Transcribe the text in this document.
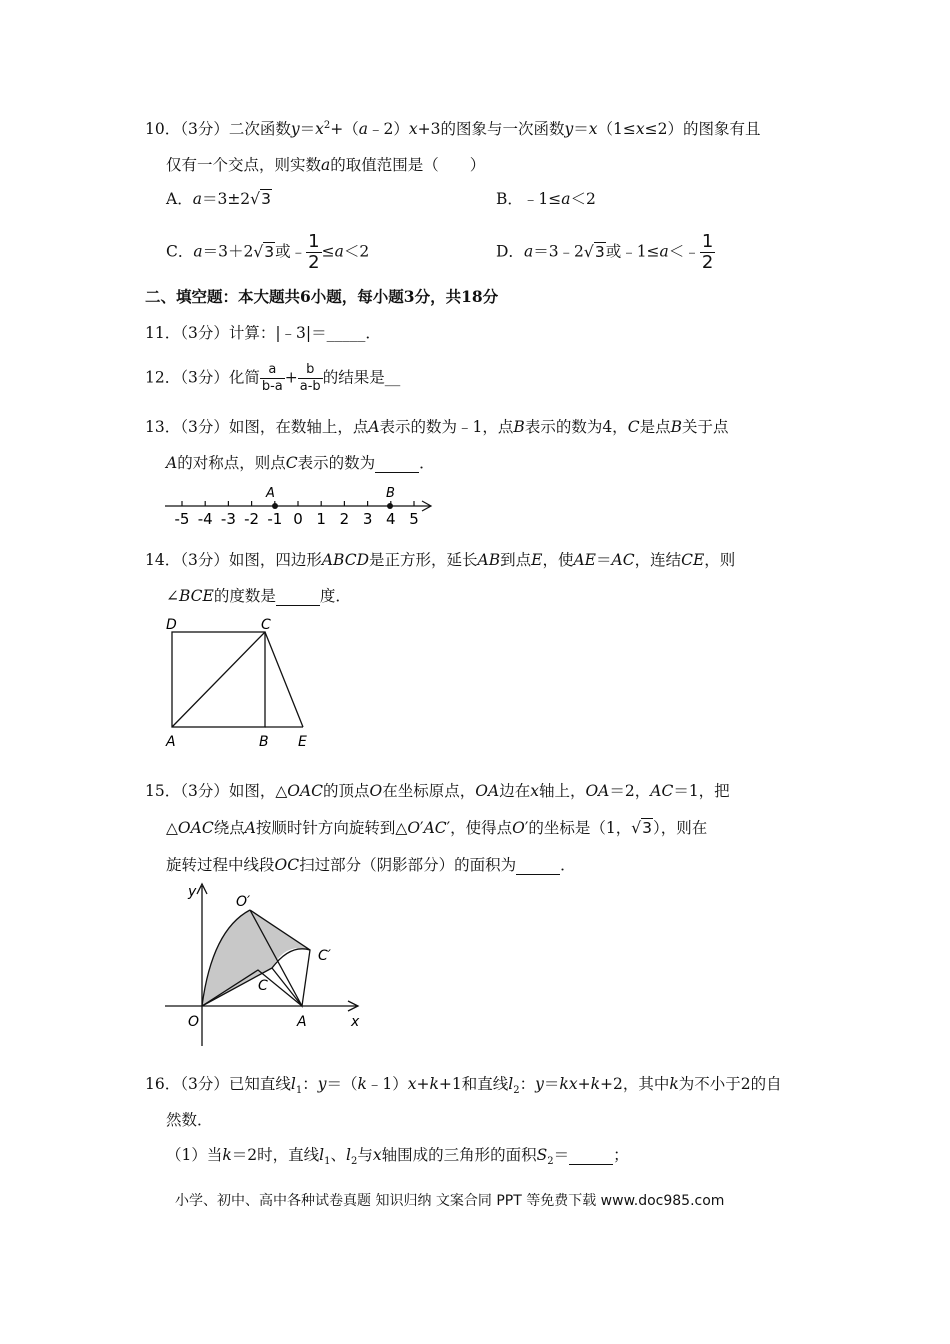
10．（3分）二次函数$y=x^2+(a﹣2)x+3$的图象与一次函数y＝x（1≤x≤2）的图象有且
仅有一个交点，则实数a的取值范围是（　　）
A．a＝3±2√3	B．﹣1≤a＜2
C．a＝3＋2√3或﹣ $\frac{1}{2} \le a<2$	D．a＝3﹣2√3或﹣1≤a＜﹣ $\frac{1}{2}$
二、填空题：本大题共6小题，每小题3分，共18分
11．（3分）计算：|﹣3|＝_____．
12．（3分）化简 $\frac{a}{b-a} + \frac{b}{a-b}$ 的结果是__
13．（3分）如图，在数轴上，点A表示的数为﹣1，点B表示的数为4，C是点B关于点
A的对称点，则点C表示的数为	．
-5 -4 -3 -2 -1 0 1 2 3 4 5
A	B
14．（3分）如图，四边形ABCD是正方形，延长AB到点E，使AE＝AC，连结CE，则
∠BCE的度数是	度．
D	C
A	B E
15．（3分）如图，△OAC的顶点O在坐标原点，OA边在x轴上，OA＝2，AC＝1，把
△OAC绕点A按顺时针方向旋转到△O′AC′，使得点O′的坐标是（1，√3），则在
旋转过程中线段OC扫过部分（阴影部分）的面积为	．
y
x
O	A
C
O′
C′
16．（3分）已知直线$l_1$：y＝（k﹣1）x+k+1和直线$l_2$：y＝kx+k+2，其中k为不小于2的自
然数．
（1）当k＝2时，直线$l_1$、$l_2$与x轴围成的三角形的面积$S_2=$	；
小学、初中、高中各种试卷真题 知识归纳 文案合同 PPT 等免费下载 www.doc985.com
